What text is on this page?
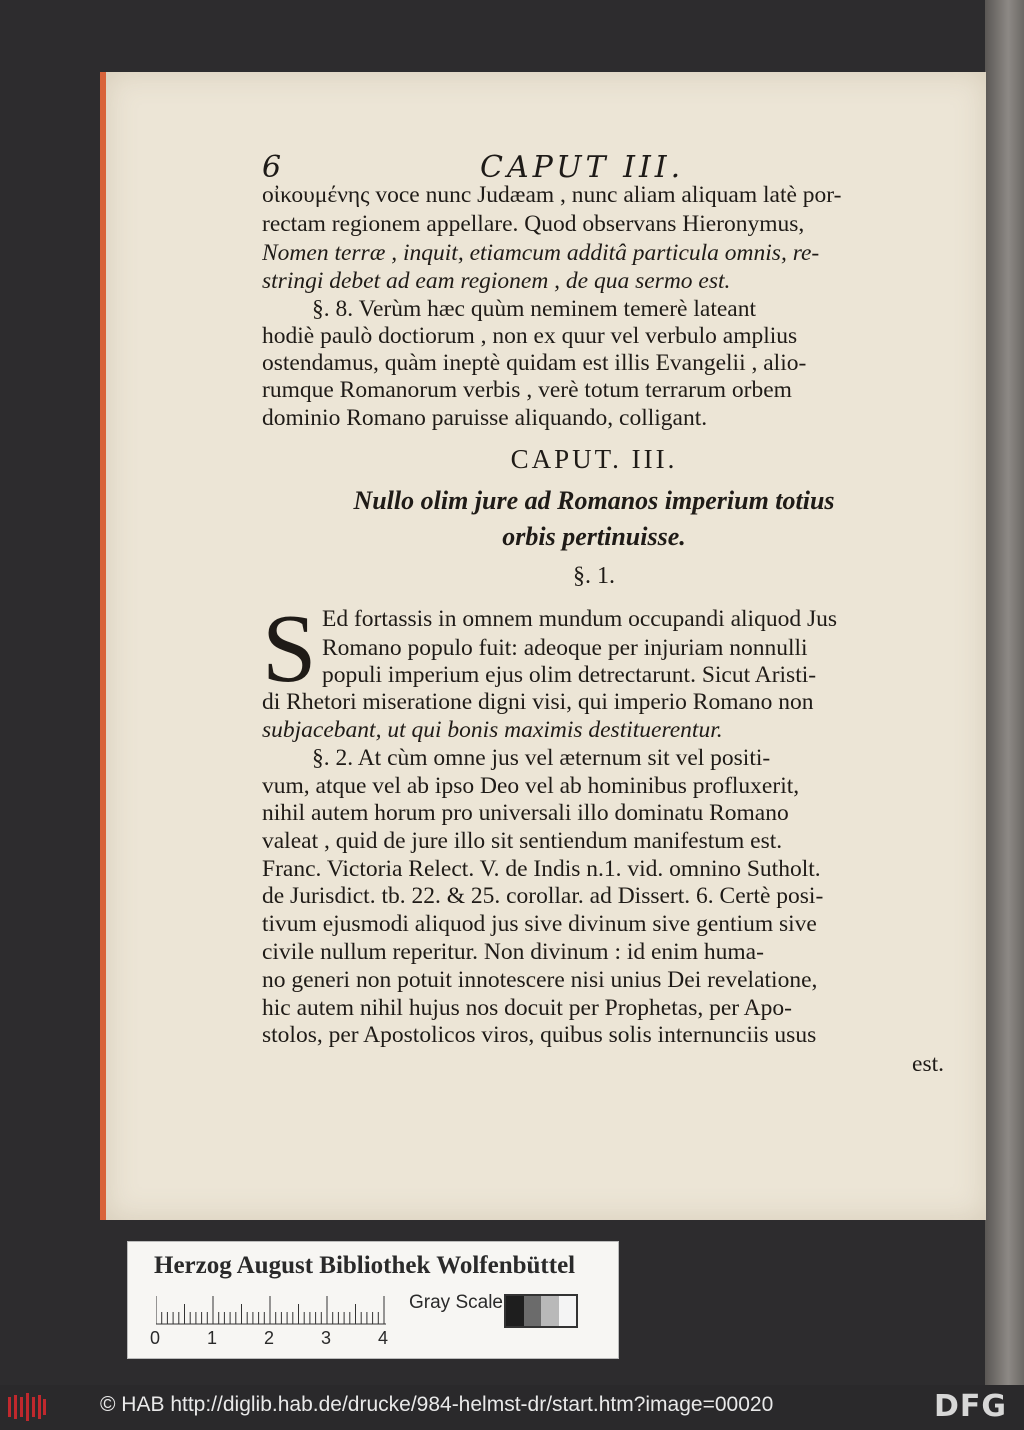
6	CAPUT III.
οἰκουμένης voce nunc Judæam , nunc aliam aliquam latè por-
rectam regionem appellare. Quod observans Hieronymus,
Nomen terræ , inquit, etiamcum additâ particula omnis, re-
stringi debet ad eam regionem , de qua sermo est.
§. 8. Verùm hæc quùm neminem temerè lateant
hodiè paulò doctiorum , non ex quur vel verbulo amplius
ostendamus, quàm ineptè quidam est illis Evangelii , alio-
rumque Romanorum verbis , verè totum terrarum orbem
dominio Romano paruisse aliquando, colligant.
CAPUT. III.
Nullo olim jure ad Romanos imperium totius
orbis pertinuisse.
§. 1.
S Ed fortassis in omnem mundum occupandi aliquod Jus
Romano populo fuit: adeoque per injuriam nonnulli
populi imperium ejus olim detrectarunt. Sicut Aristi-
di Rhetori miseratione digni visi, qui imperio Romano non
subjacebant, ut qui bonis maximis destituerentur.
§. 2. At cùm omne jus vel æternum sit vel positi-
vum, atque vel ab ipso Deo vel ab hominibus profluxerit,
nihil autem horum pro universali illo dominatu Romano
valeat , quid de jure illo sit sentiendum manifestum est.
Franc. Victoria Relect. V. de Indis n.1. vid. omnino Sutholt.
de Jurisdict. tb. 22. & 25. corollar. ad Dissert. 6. Certè posi-
tivum ejusmodi aliquod jus sive divinum sive gentium sive
civile nullum reperitur. Non divinum : id enim huma-
no generi non potuit innotescere nisi unius Dei revelatione,
hic autem nihil hujus nos docuit per Prophetas, per Apo-
stolos, per Apostolicos viros, quibus solis internunciis usus
est.
Herzog August Bibliothek Wolfenbüttel
0	1	2	3	4
Gray Scale
© HAB http://diglib.hab.de/drucke/984-helmst-dr/start.htm?image=00020	DFG
